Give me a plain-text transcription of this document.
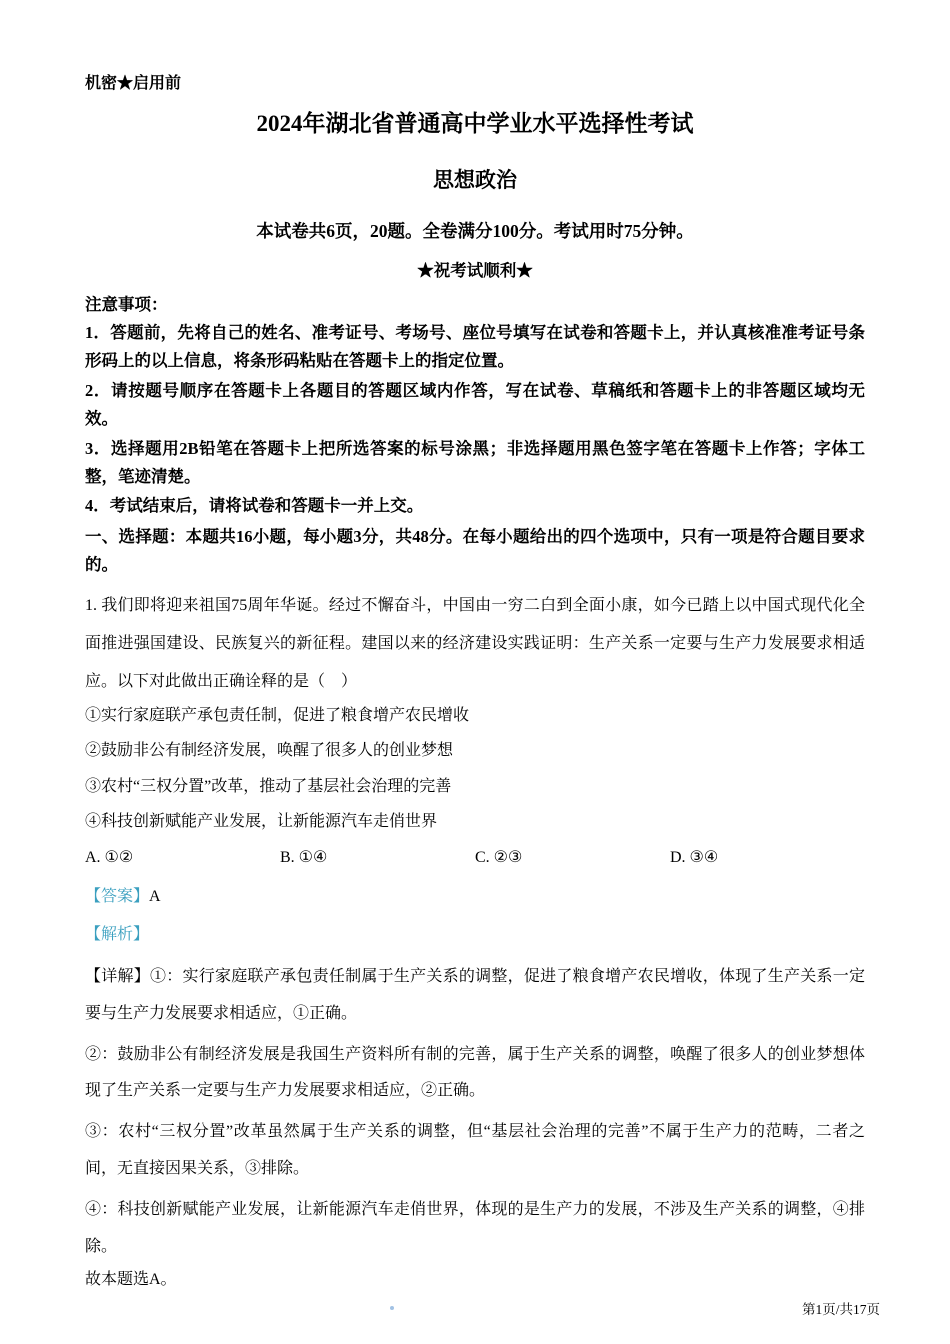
机密★启用前
2024年湖北省普通高中学业水平选择性考试
思想政治
本试卷共6页，20题。全卷满分100分。考试用时75分钟。
★祝考试顺利★
注意事项：
1．答题前，先将自己的姓名、准考证号、考场号、座位号填写在试卷和答题卡上，并认真核准准考证号条形码上的以上信息，将条形码粘贴在答题卡上的指定位置。
2．请按题号顺序在答题卡上各题目的答题区域内作答，写在试卷、草稿纸和答题卡上的非答题区域均无效。
3．选择题用2B铅笔在答题卡上把所选答案的标号涂黑；非选择题用黑色签字笔在答题卡上作答；字体工整，笔迹清楚。
4．考试结束后，请将试卷和答题卡一并上交。
一、选择题：本题共16小题，每小题3分，共48分。在每小题给出的四个选项中，只有一项是符合题目要求的。
1. 我们即将迎来祖国75周年华诞。经过不懈奋斗，中国由一穷二白到全面小康，如今已踏上以中国式现代化全面推进强国建设、民族复兴的新征程。建国以来的经济建设实践证明：生产关系一定要与生产力发展要求相适应。以下对此做出正确诠释的是（　）
①实行家庭联产承包责任制，促进了粮食增产农民增收
②鼓励非公有制经济发展，唤醒了很多人的创业梦想
③农村“三权分置”改革，推动了基层社会治理的完善
④科技创新赋能产业发展，让新能源汽车走俏世界
A. ①②	B. ①④	C. ②③	D. ③④
【答案】A
【解析】
【详解】①：实行家庭联产承包责任制属于生产关系的调整，促进了粮食增产农民增收，体现了生产关系一定要与生产力发展要求相适应，①正确。
②：鼓励非公有制经济发展是我国生产资料所有制的完善，属于生产关系的调整，唤醒了很多人的创业梦想体现了生产关系一定要与生产力发展要求相适应，②正确。
③：农村“三权分置”改革虽然属于生产关系的调整，但“基层社会治理的完善”不属于生产力的范畴，二者之间，无直接因果关系，③排除。
④：科技创新赋能产业发展，让新能源汽车走俏世界，体现的是生产力的发展，不涉及生产关系的调整，④排除。
故本题选A。
第1页/共17页
